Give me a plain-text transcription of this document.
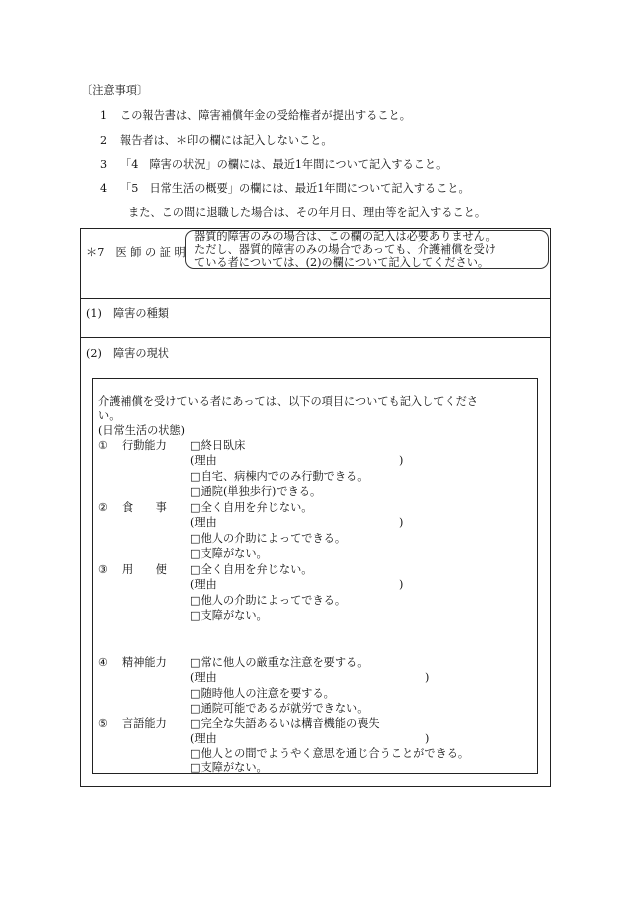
〔注意事項〕
1 この報告書は、障害補償年金の受給権者が提出すること。
2 報告者は、＊印の欄には記入しないこと。
3 「4　障害の状況」の欄には、最近1年間について記入すること。
4 「5　日常生活の概要」の欄には、最近1年間について記入すること。
また、この間に退職した場合は、その年月日、理由等を記入すること。
＊7　医 師 の 証 明
器質的障害のみの場合は、この欄の記入は必要ありません。
ただし、器質的障害のみの場合であっても、介護補償を受け
ている者については、(2)の欄について記入してください。
(1)　障害の種類
(2)　障害の現状
介護補償を受けている者にあっては、以下の項目についても記入してくださ
い。
(日常生活の状態)
① 行動能力 □終日臥床
(理由	)
□自宅、病棟内でのみ行動できる。
□通院(単独歩行)できる。
② 食　　事 □全く自用を弁じない。
(理由	)
□他人の介助によってできる。
□支障がない。
③ 用　　便 □全く自用を弁じない。
(理由	)
□他人の介助によってできる。
□支障がない。
④ 精神能力 □常に他人の厳重な注意を要する。
(理由	)
□随時他人の注意を要する。
□通院可能であるが就労できない。
⑤ 言語能力 □完全な失語あるいは構音機能の喪失
(理由	)
□他人との間でようやく意思を通じ合うことができる。
□支障がない。
